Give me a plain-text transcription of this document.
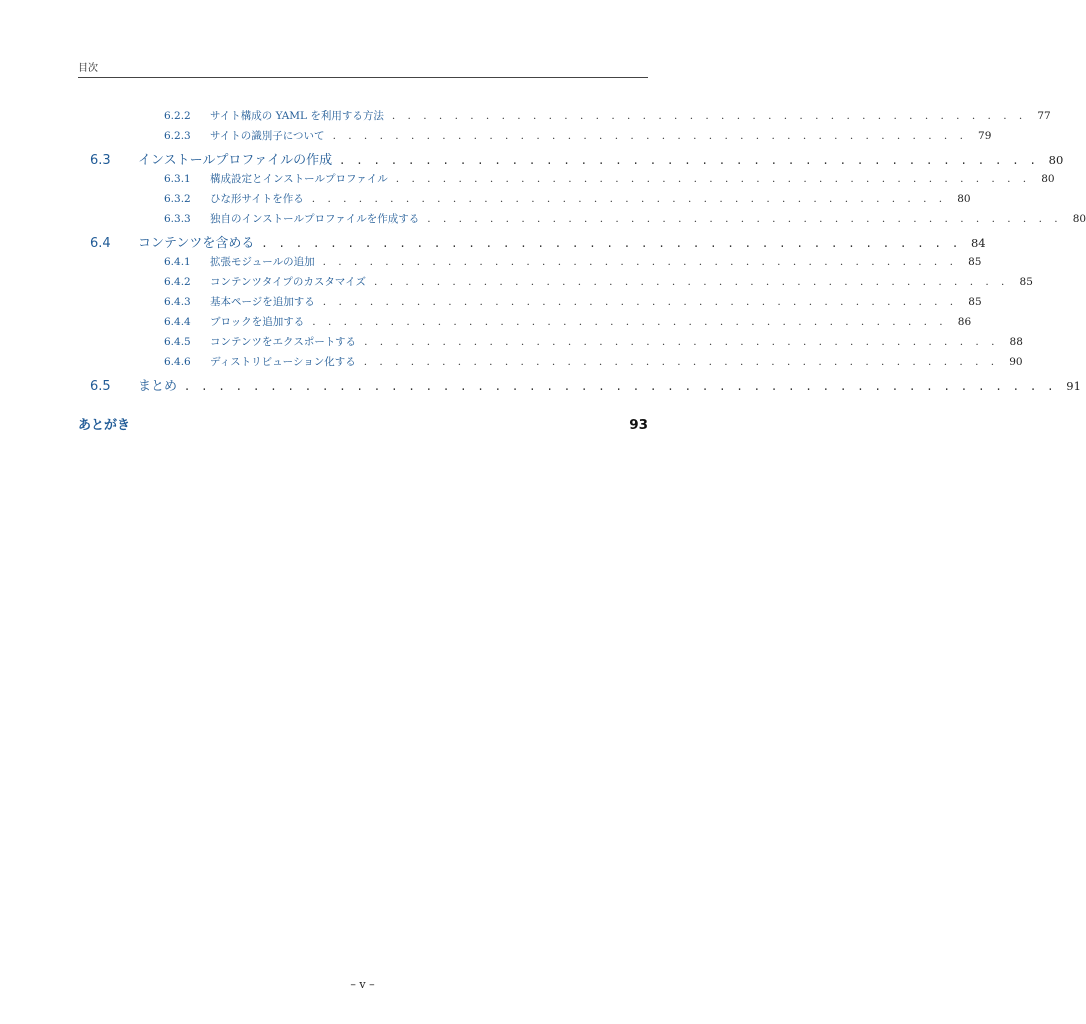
目次
6.2.2	サイト構成の YAML を利用する方法 . . . . . . . . . . . . . . . . . . . . . . . . . . . . . . . . . . . . . . . . . 77
6.2.3	サイトの識別子について . . . . . . . . . . . . . . . . . . . . . . . . . . . . . . . . . . . . . . . . . 79
6.3	インストールプロファイルの作成 . . . . . . . . . . . . . . . . . . . . . . . . . . . . . . . . . . . . . . . . . 80
6.3.1	構成設定とインストールプロファイル . . . . . . . . . . . . . . . . . . . . . . . . . . . . . . . . . . . . . . . . . 80
6.3.2	ひな形サイトを作る . . . . . . . . . . . . . . . . . . . . . . . . . . . . . . . . . . . . . . . . . 80
6.3.3	独自のインストールプロファイルを作成する . . . . . . . . . . . . . . . . . . . . . . . . . . . . . . . . . . . . . . . . . 80
6.4	コンテンツを含める . . . . . . . . . . . . . . . . . . . . . . . . . . . . . . . . . . . . . . . . . 84
6.4.1	拡張モジュールの追加 . . . . . . . . . . . . . . . . . . . . . . . . . . . . . . . . . . . . . . . . . 85
6.4.2	コンテンツタイプのカスタマイズ . . . . . . . . . . . . . . . . . . . . . . . . . . . . . . . . . . . . . . . . . 85
6.4.3	基本ページを追加する . . . . . . . . . . . . . . . . . . . . . . . . . . . . . . . . . . . . . . . . . 85
6.4.4	ブロックを追加する . . . . . . . . . . . . . . . . . . . . . . . . . . . . . . . . . . . . . . . . . 86
6.4.5	コンテンツをエクスポートする . . . . . . . . . . . . . . . . . . . . . . . . . . . . . . . . . . . . . . . . . 88
6.4.6	ディストリビューション化する . . . . . . . . . . . . . . . . . . . . . . . . . . . . . . . . . . . . . . . . . 90
6.5	まとめ . . . . . . . . . . . . . . . . . . . . . . . . . . . . . . . . . . . . . . . . . . . . . . . . . . . 91
あとがき	93
– v –
